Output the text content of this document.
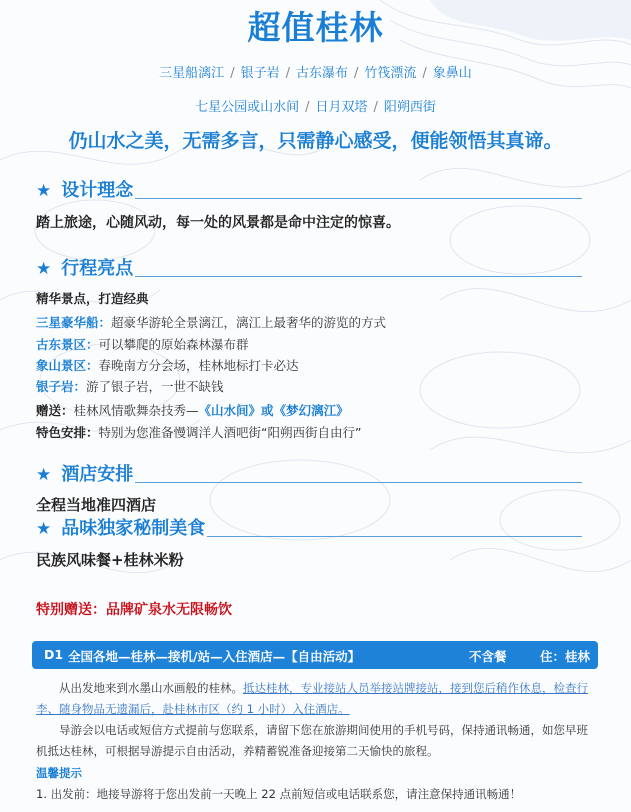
超值桂林
三星船漓江 / 银子岩 / 古东瀑布 / 竹筏漂流 / 象鼻山
七星公园或山水间 / 日月双塔 / 阳朔西街
仍山水之美，无需多言，只需静心感受，便能领悟其真谛。
★ 设计理念
踏上旅途，心随风动，每一处的风景都是命中注定的惊喜。
★ 行程亮点
精华景点，打造经典
三星豪华船：超豪华游轮全景漓江，漓江上最奢华的游览的方式
古东景区：可以攀爬的原始森林瀑布群
象山景区：春晚南方分会场，桂林地标打卡必达
银子岩：游了银子岩，一世不缺钱
赠送：桂林风情歌舞杂技秀—《山水间》或《梦幻漓江》
特色安排：特别为您准备慢调洋人酒吧街“阳朔西街自由行”
★ 酒店安排
全程当地准四酒店
★ 品味独家秘制美食
民族风味餐+桂林米粉
特别赠送：品牌矿泉水无限畅饮
D1 全国各地—桂林—接机/站—入住酒店—【自由活动】	不含餐	住：桂林
从出发地来到水墨山水画般的桂林。抵达桂林，专业接站人员举接站牌接站，接到您后稍作休息，检查行李、随身物品无遗漏后，赴桂林市区（约 1 小时）入住酒店。
导游会以电话或短信方式提前与您联系，请留下您在旅游期间使用的手机号码，保持通讯畅通，如您早班机抵达桂林，可根据导游提示自由活动，养精蓄锐准备迎接第二天愉快的旅程。
温馨提示
1. 出发前：地接导游将于您出发前一天晚上 22 点前短信或电话联系您，请注意保持通讯畅通！
